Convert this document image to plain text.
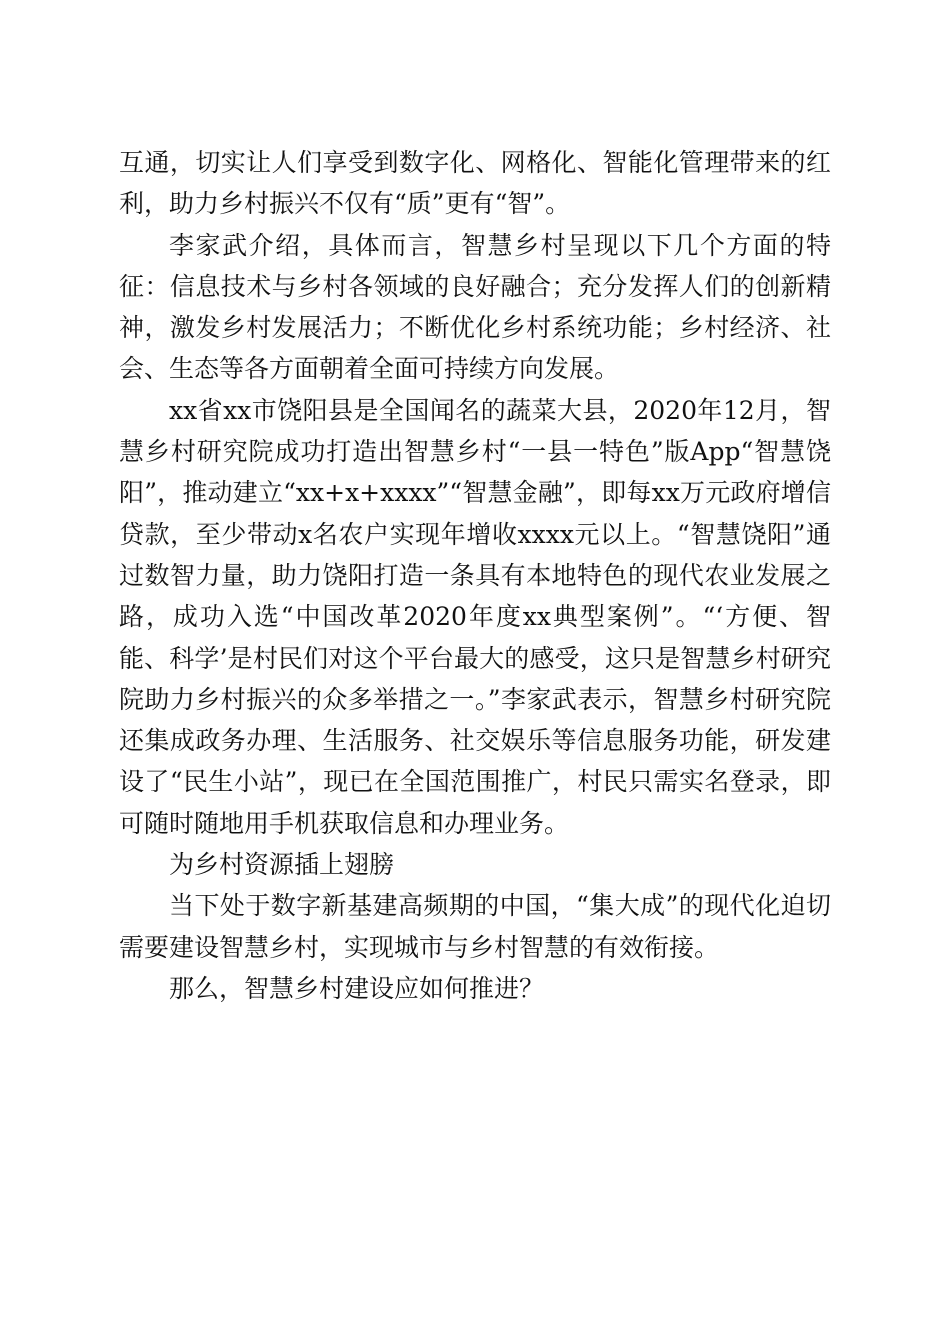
互通，切实让人们享受到数字化、网格化、智能化管理带来的红利，助力乡村振兴不仅有“质”更有“智”。

李家武介绍，具体而言，智慧乡村呈现以下几个方面的特征：信息技术与乡村各领域的良好融合；充分发挥人们的创新精神，激发乡村发展活力；不断优化乡村系统功能；乡村经济、社会、生态等各方面朝着全面可持续方向发展。

xx省xx市饶阳县是全国闻名的蔬菜大县，2020年12月，智慧乡村研究院成功打造出智慧乡村“一县一特色”版App“智慧饶阳”，推动建立“xx+x+xxxx”“智慧金融”，即每xx万元政府增信贷款，至少带动x名农户实现年增收xxxx元以上。“智慧饶阳”通过数智力量，助力饶阳打造一条具有本地特色的现代农业发展之路，成功入选“中国改革2020年度xx典型案例”。“‘方便、智能、科学’是村民们对这个平台最大的感受，这只是智慧乡村研究院助力乡村振兴的众多举措之一。”李家武表示，智慧乡村研究院还集成政务办理、生活服务、社交娱乐等信息服务功能，研发建设了“民生小站”，现已在全国范围推广，村民只需实名登录，即可随时随地用手机获取信息和办理业务。

为乡村资源插上翅膀

当下处于数字新基建高频期的中国，“集大成”的现代化迫切需要建设智慧乡村，实现城市与乡村智慧的有效衔接。

那么，智慧乡村建设应如何推进？
